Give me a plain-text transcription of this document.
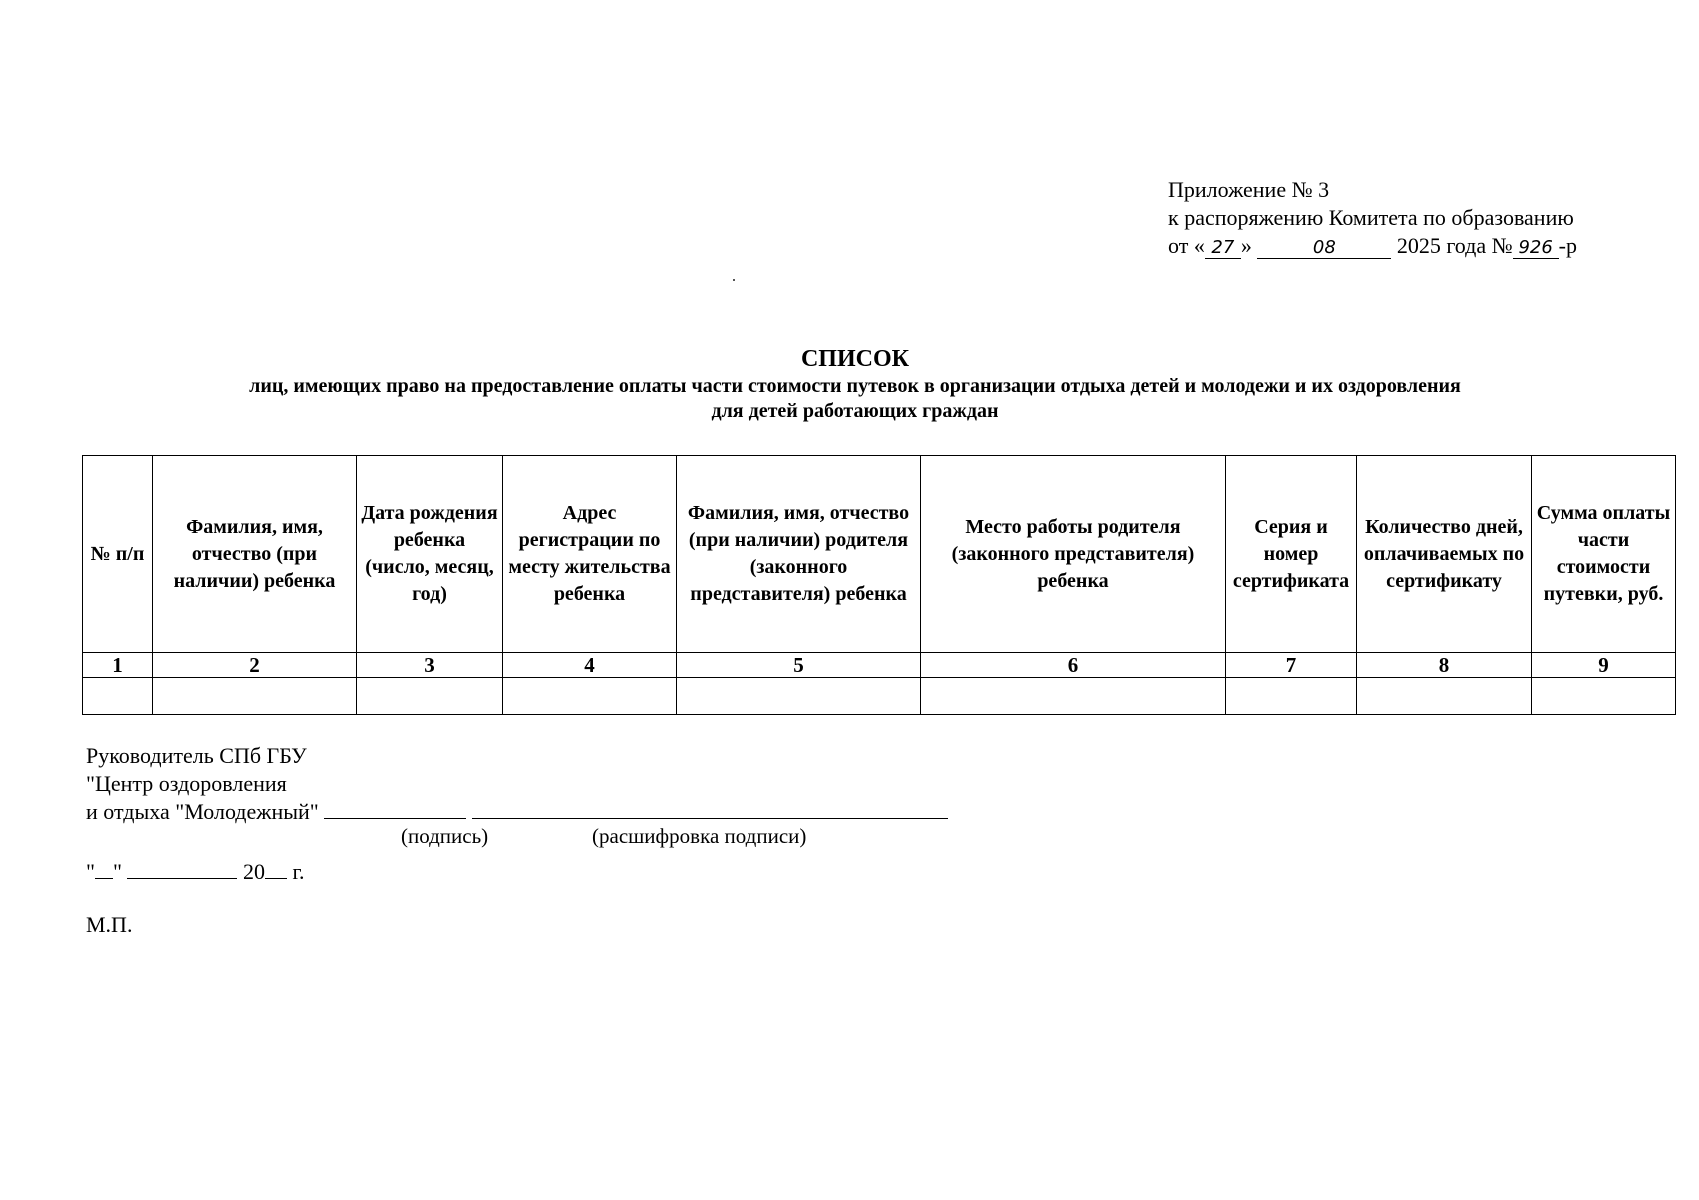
Приложение № 3
к распоряжению Комитета по образованию
от « 27 »	08	2025 года № 926 -р
СПИСОК
лиц, имеющих право на предоставление оплаты части стоимости путевок в организации отдыха детей и молодежи и их оздоровления
для детей работающих граждан
№ п/п	Фамилия, имя, отчество (при наличии) ребенка	Дата рождения ребенка (число, месяц, год)	Адрес регистрации по месту жительства ребенка	Фамилия, имя, отчество (при наличии) родителя (законного представителя) ребенка	Место работы родителя (законного представителя) ребенка	Серия и номер сертификата	Количество дней, оплачиваемых по сертификату	Сумма оплаты части стоимости путевки, руб.
1	2	3	4	5	6	7	8	9

Руководитель СПб ГБУ
"Центр оздоровления
и отдыха "Молодежный"
(подпись)	(расшифровка подписи)
" "	20 г.
М.П.
